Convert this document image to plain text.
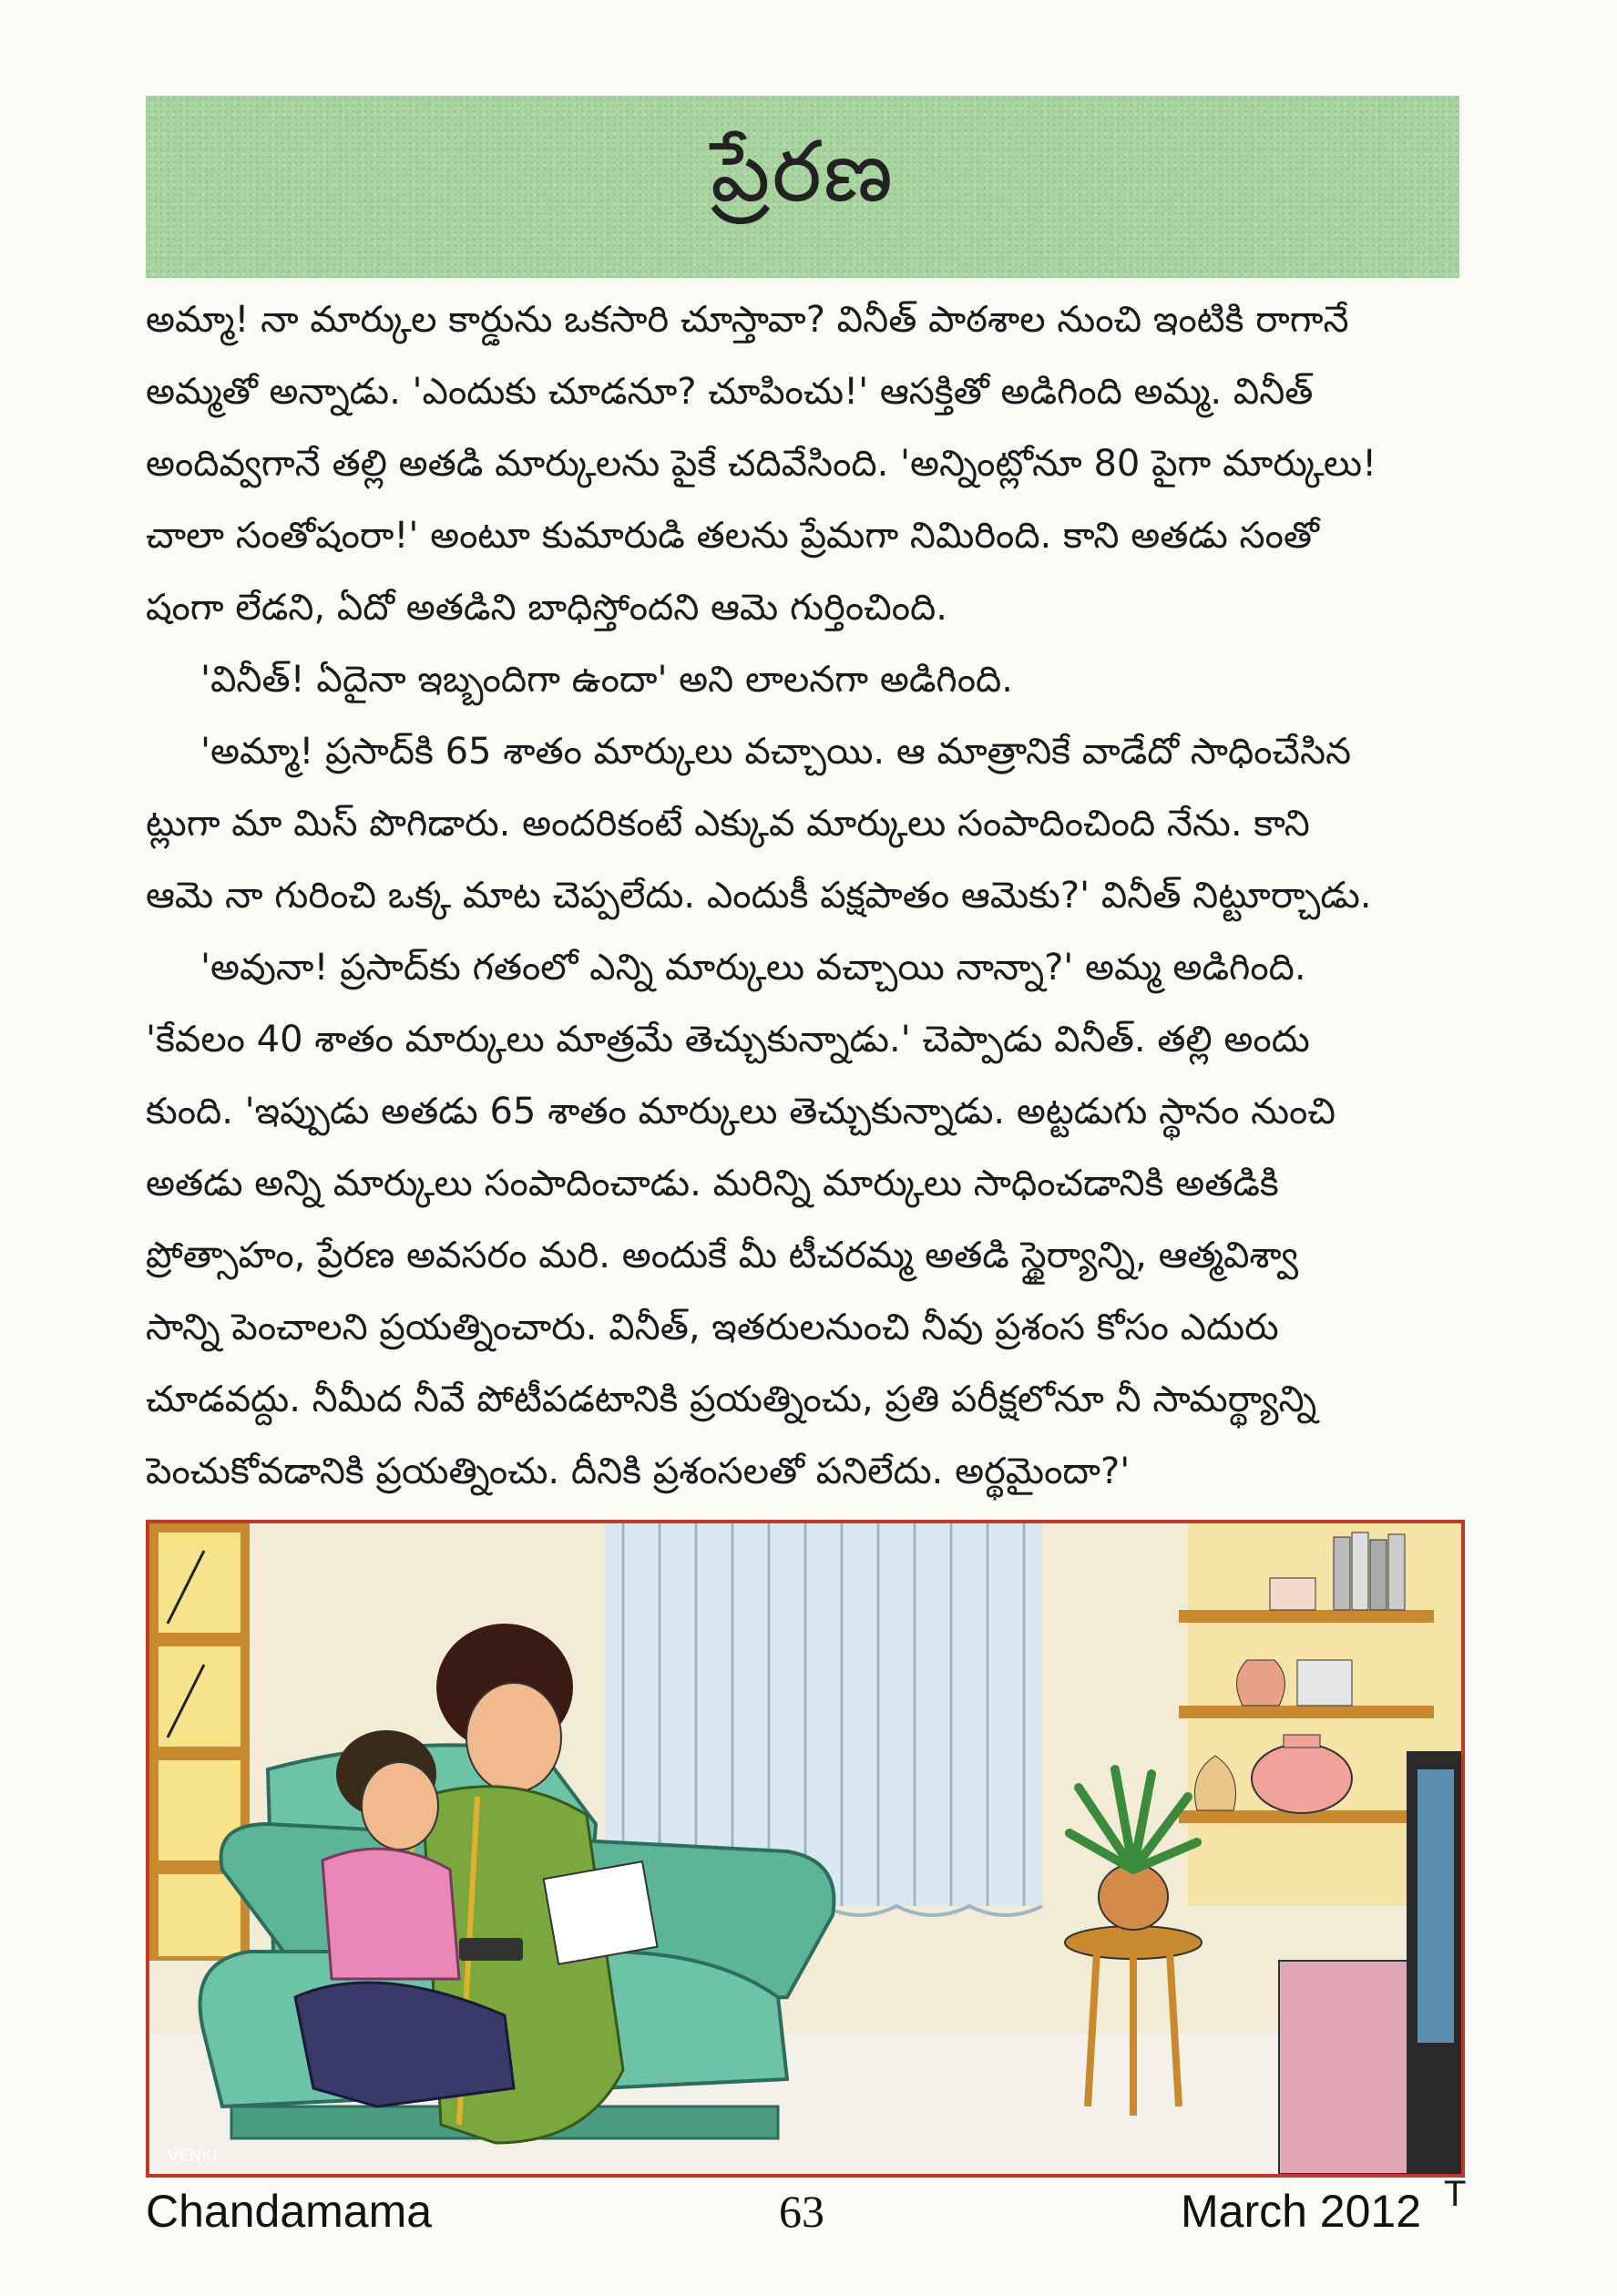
ప్రేరణ
అమ్మా! నా మార్కుల కార్డును ఒకసారి చూస్తావా? వినీత్ పాఠశాల నుంచి ఇంటికి రాగానే
అమ్మతో అన్నాడు. 'ఎందుకు చూడనూ? చూపించు!' ఆసక్తితో అడిగింది అమ్మ. వినీత్
అందివ్వగానే తల్లి అతడి మార్కులను పైకే చదివేసింది. 'అన్నింట్లోనూ 80 పైగా మార్కులు!
చాలా సంతోషంరా!' అంటూ కుమారుడి తలను ప్రేమగా నిమిరింది. కాని అతడు సంతో
షంగా లేడని, ఏదో అతడిని బాధిస్తోందని ఆమె గుర్తించింది.
'వినీత్! ఏదైనా ఇబ్బందిగా ఉందా' అని లాలనగా అడిగింది.
'అమ్మా! ప్రసాద్‌కి 65 శాతం మార్కులు వచ్చాయి. ఆ మాత్రానికే వాడేదో సాధించేసిన
ట్లుగా మా మిస్ పొగిడారు. అందరికంటే ఎక్కువ మార్కులు సంపాదించింది నేను. కాని
ఆమె నా గురించి ఒక్క మాట చెప్పలేదు. ఎందుకీ పక్షపాతం ఆమెకు?' వినీత్ నిట్టూర్చాడు.
'అవునా! ప్రసాద్‌కు గతంలో ఎన్ని మార్కులు వచ్చాయి నాన్నా?' అమ్మ అడిగింది.
'కేవలం 40 శాతం మార్కులు మాత్రమే తెచ్చుకున్నాడు.' చెప్పాడు వినీత్. తల్లి అందు
కుంది. 'ఇప్పుడు అతడు 65 శాతం మార్కులు తెచ్చుకున్నాడు. అట్టడుగు స్థానం నుంచి
అతడు అన్ని మార్కులు సంపాదించాడు. మరిన్ని మార్కులు సాధించడానికి అతడికి
ప్రోత్సాహం, ప్రేరణ అవసరం మరి. అందుకే మీ టీచరమ్మ అతడి స్థైర్యాన్ని, ఆత్మవిశ్వా
సాన్ని పెంచాలని ప్రయత్నించారు. వినీత్, ఇతరులనుంచి నీవు ప్రశంస కోసం ఎదురు
చూడవద్దు. నీమీద నీవే పోటీపడటానికి ప్రయత్నించు, ప్రతి పరీక్షలోనూ నీ సామర్థ్యాన్ని
పెంచుకోవడానికి ప్రయత్నించు. దీనికి ప్రశంసలతో పనిలేదు. అర్థమైందా?'
VENKI
Chandamama	63	March 2012 T
